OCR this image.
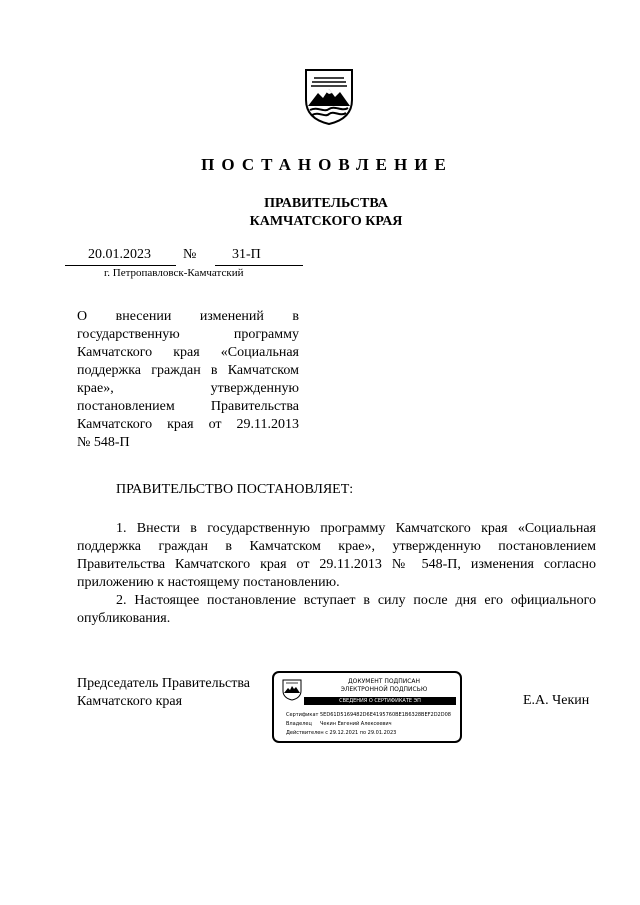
ПОСТАНОВЛЕНИЕ
ПРАВИТЕЛЬСТВА
КАМЧАТСКОГО КРАЯ
20.01.2023 №	31-П
г. Петропавловск-Камчатский
О внесении изменений в
государственную программу
Камчатского края «Социальная
поддержка граждан в Камчатском
крае», утвержденную
постановлением Правительства
Камчатского края от 29.11.2013
№ 548-П
ПРАВИТЕЛЬСТВО ПОСТАНОВЛЯЕТ:

1. Внести в государственную программу Камчатского края «Социальная поддержка граждан в Камчатском крае», утвержденную постановлением Правительства Камчатского края от 29.11.2013 № 548-П, изменения согласно приложению к настоящему постановлению.

2. Настоящее постановление вступает в силу после дня его официального опубликования.

Председатель Правительства
Камчатского края
ДОКУМЕНТ ПОДПИСАН
ЭЛЕКТРОННОЙ ПОДПИСЬЮ
СВЕДЕНИЯ О СЕРТИФИКАТЕ ЭП
Сертификат 5ED61D5169482D6E4195760BE1B6328BEF2D2D08
Владелец Чекин Евгений Алексеевич
Действителен с 29.12.2021 по 29.01.2023
Е.А. Чекин
